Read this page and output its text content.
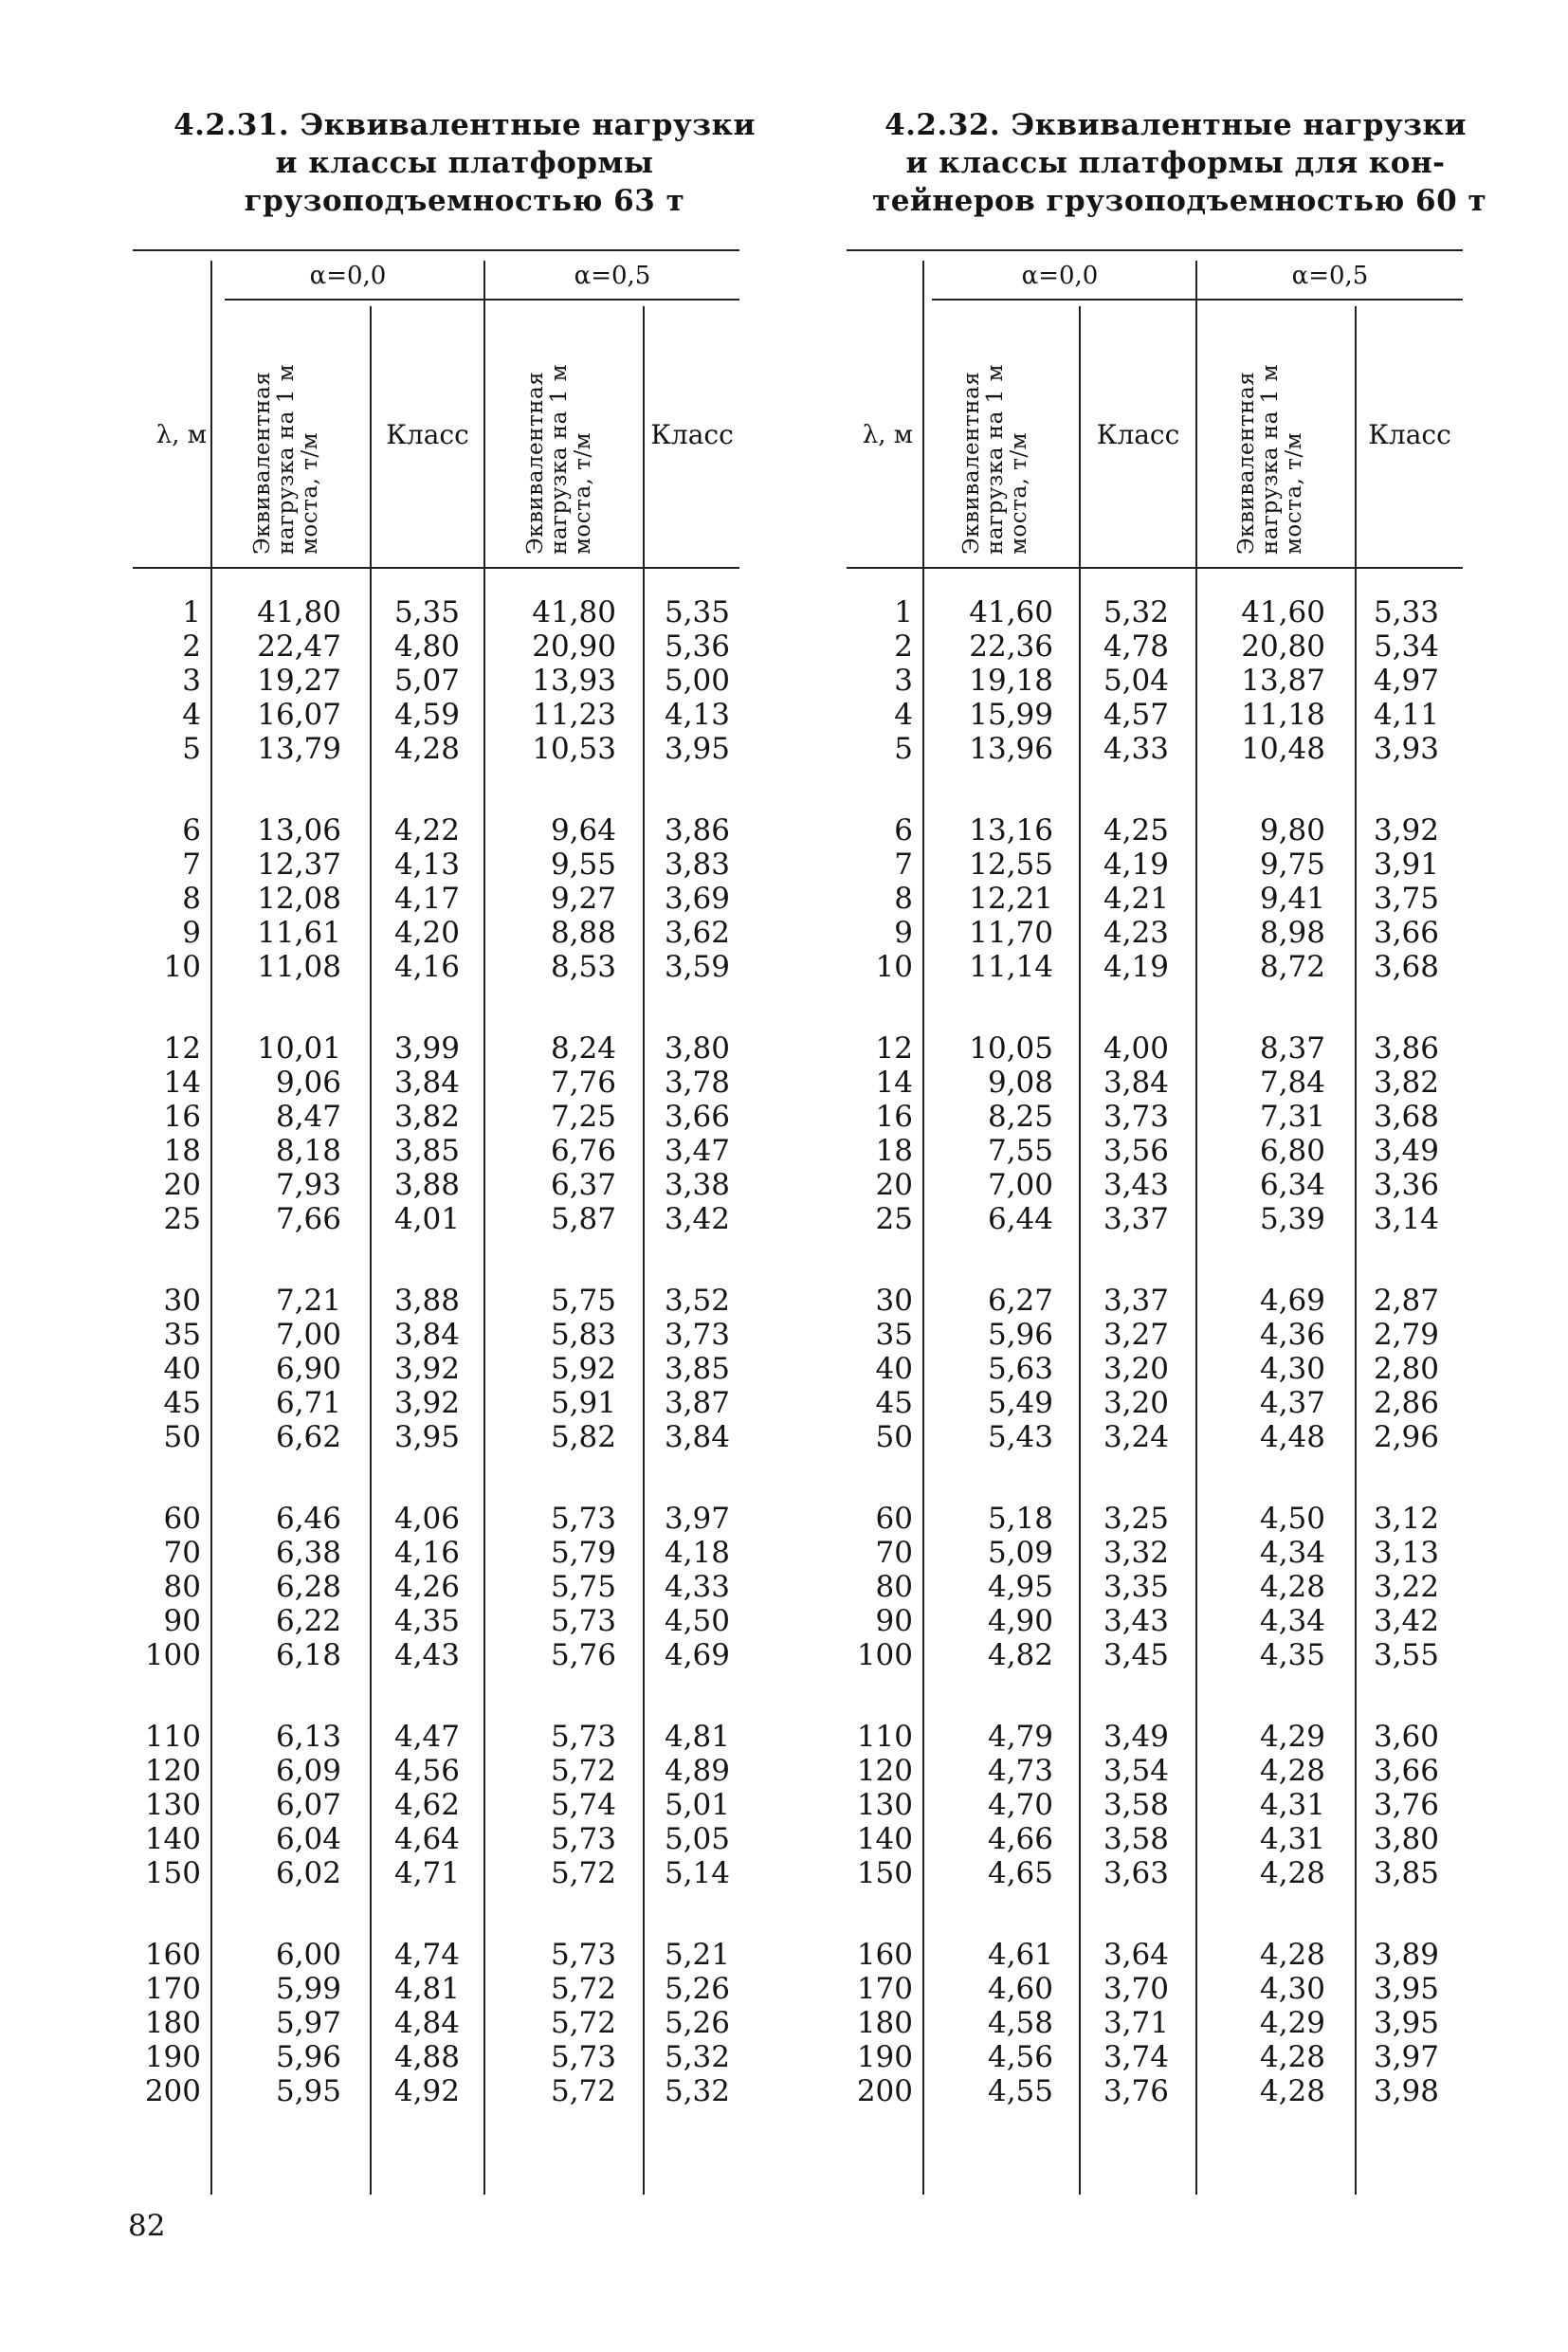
4.2.31. Эквивалентные нагрузки
и классы платформы
грузоподъемностью 63 т
4.2.32. Эквивалентные нагрузки
и классы платформы для кон-
тейнеров грузоподъемностью 60 т
α=0,0	α=0,5
λ, м Эквивалентная нагрузка на 1 м моста, т/м	Эквивалентная нагрузка на 1 м моста, т/м
Класс	Класс
1 41,80 5,35 41,80 5,35
2 22,47 4,80 20,90 5,36
3 19,27 5,07 13,93 5,00
4 16,07 4,59 11,23 4,13
5 13,79 4,28 10,53 3,95
6 13,06 4,22	9,64 3,86
7 12,37 4,13	9,55 3,83
8 12,08 4,17	9,27 3,69
9 11,61 4,20	8,88 3,62
10 11,08 4,16	8,53 3,59
12 10,01 3,99	8,24 3,80
14	9,06 3,84	7,76 3,78
16	8,47 3,82	7,25 3,66
18	8,18 3,85	6,76 3,47
20	7,93 3,88	6,37 3,38
25	7,66 4,01	5,87 3,42
30	7,21 3,88	5,75 3,52
35	7,00 3,84	5,83 3,73
40	6,90 3,92	5,92 3,85
45	6,71 3,92	5,91 3,87
50	6,62 3,95	5,82 3,84
60	6,46 4,06	5,73 3,97
70	6,38 4,16	5,79 4,18
80	6,28 4,26	5,75 4,33
90	6,22 4,35	5,73 4,50
100	6,18 4,43	5,76 4,69
110	6,13 4,47	5,73 4,81
120	6,09 4,56	5,72 4,89
130	6,07 4,62	5,74 5,01
140	6,04 4,64	5,73 5,05
150	6,02 4,71	5,72 5,14
160	6,00 4,74	5,73 5,21
170	5,99 4,81	5,72 5,26
180	5,97 4,84	5,72 5,26
190	5,96 4,88	5,73 5,32
200	5,95 4,92	5,72 5,32
α=0,0	α=0,5
λ, м Эквивалентная нагрузка на 1 м моста, т/м	Эквивалентная нагрузка на 1 м моста, т/м
Класс	Класс
1 41,60 5,32 41,60 5,33
2 22,36 4,78 20,80 5,34
3 19,18 5,04 13,87 4,97
4 15,99 4,57 11,18 4,11
5 13,96 4,33 10,48 3,93
6 13,16 4,25	9,80 3,92
7 12,55 4,19	9,75 3,91
8 12,21 4,21	9,41 3,75
9 11,70 4,23	8,98 3,66
10 11,14 4,19	8,72 3,68
12 10,05 4,00	8,37 3,86
14	9,08 3,84	7,84 3,82
16	8,25 3,73	7,31 3,68
18	7,55 3,56	6,80 3,49
20	7,00 3,43	6,34 3,36
25	6,44 3,37	5,39 3,14
30	6,27 3,37	4,69 2,87
35	5,96 3,27	4,36 2,79
40	5,63 3,20	4,30 2,80
45	5,49 3,20	4,37 2,86
50	5,43 3,24	4,48 2,96
60	5,18 3,25	4,50 3,12
70	5,09 3,32	4,34 3,13
80	4,95 3,35	4,28 3,22
90	4,90 3,43	4,34 3,42
100	4,82 3,45	4,35 3,55
110	4,79 3,49	4,29 3,60
120	4,73 3,54	4,28 3,66
130	4,70 3,58	4,31 3,76
140	4,66 3,58	4,31 3,80
150	4,65 3,63	4,28 3,85
160	4,61 3,64	4,28 3,89
170	4,60 3,70	4,30 3,95
180	4,58 3,71	4,29 3,95
190	4,56 3,74	4,28 3,97
200	4,55 3,76	4,28 3,98
82
